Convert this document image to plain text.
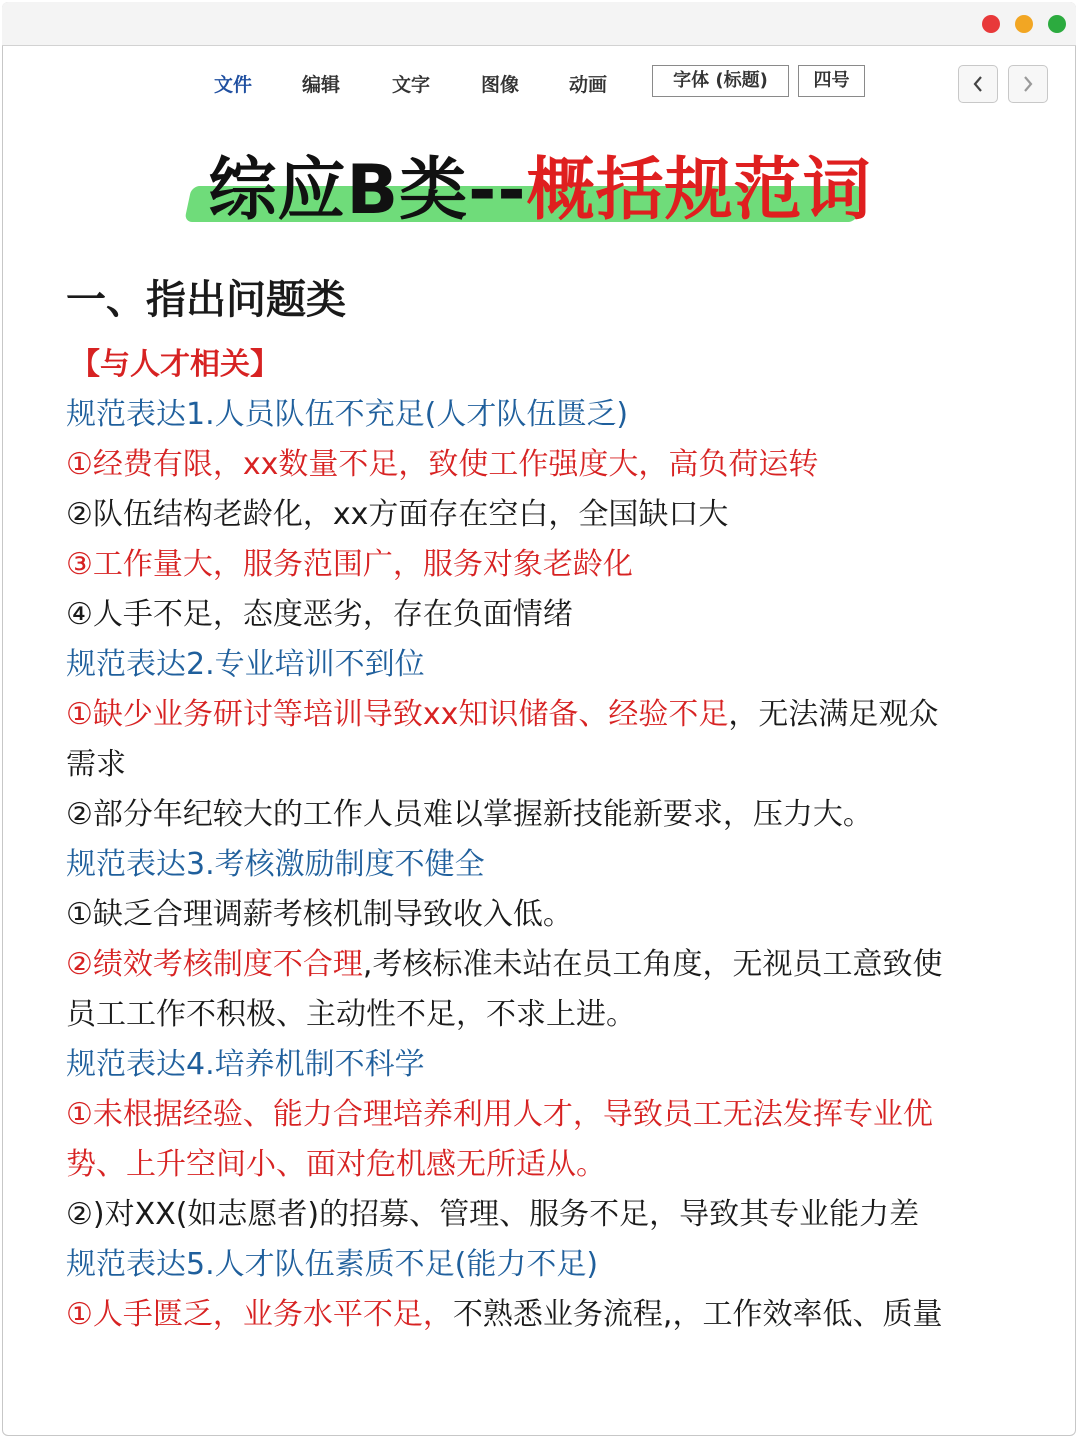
文件	编辑	文字	图像	动画	字体 (标题)	四号
综应B类--概括规范词
一、指出问题类
【与人才相关】
规范表达1.人员队伍不充足(人才队伍匮乏)
①经费有限，xx数量不足，致使工作强度大，高负荷运转
②队伍结构老龄化，xx方面存在空白，全国缺口大
③工作量大，服务范围广，服务对象老龄化
④人手不足，态度恶劣，存在负面情绪
规范表达2.专业培训不到位
①缺少业务研讨等培训导致xx知识储备、经验不足，无法满足观众
需求
②部分年纪较大的工作人员难以掌握新技能新要求，压力大。
规范表达3.考核激励制度不健全
①缺乏合理调薪考核机制导致收入低。
②绩效考核制度不合理,考核标准未站在员工角度，无视员工意致使
员工工作不积极、主动性不足，不求上进。
规范表达4.培养机制不科学
①未根据经验、能力合理培养利用人才，导致员工无法发挥专业优
势、上升空间小、面对危机感无所适从。
②)对XX(如志愿者)的招募、管理、服务不足，导致其专业能力差
规范表达5.人才队伍素质不足(能力不足)
①人手匮乏，业务水平不足，不熟悉业务流程,，工作效率低、质量
